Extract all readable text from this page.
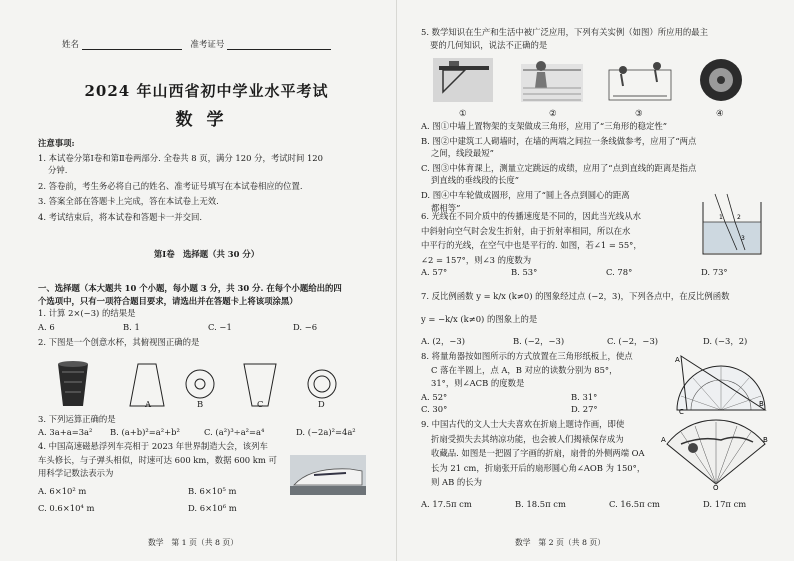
姓名	准考证号
2024 年山西省初中学业水平考试
数学
注意事项:
1. 本试卷分第Ⅰ卷和第Ⅱ卷两部分. 全卷共 8 页，满分 120 分，考试时间 120
分钟.
2. 答卷前，考生务必将自己的姓名、准考证号填写在本试卷相应的位置.
3. 答案全部在答题卡上完成，答在本试卷上无效.
4. 考试结束后，将本试卷和答题卡一并交回.
第Ⅰ卷　选择题（共 30 分）
一、选择题（本大题共 10 个小题，每小题 3 分，共 30 分. 在每个小题给出的四
个选项中，只有一项符合题目要求，请选出并在答题卡上将该项涂黑）
1. 计算 2×(−3) 的结果是
A. 6	B. 1	C. −1	D. −6
2. 下图是一个创意水杯，其俯视图正确的是
A	B	C	D
3. 下列运算正确的是
A. 3a+a=3a²	B. (a+b)²=a²+b²	C. (a²)³÷a²=a⁴	D. (−2a)²=4a²
4. 中国高速磁悬浮列车亮相于 2023 年世界制造大会，该列车
车头修长，与子弹头相似，时速可达 600 km，数据 600 km 可
用科学记数法表示为
A. 6×10² m	B. 6×10⁵ m
C. 0.6×10⁴ m	D. 6×10⁶ m
数学　第 1 页（共 8 页）
5. 数学知识在生产和生活中被广泛应用，下列有关实例（如图）所应用的最主
要的几何知识，说法不正确的是
①	②	③	④
A. 图①中墙上置物架的支架做成三角形，应用了“三角形的稳定性”
B. 图②中建筑工人砌墙时，在墙的两端之间拉一条线做参考，应用了“两点
之间，线段最短”
C. 图③中体育课上，测量立定跳远的成绩，应用了“点到直线的距离是指点
到直线的垂线段的长度”
D. 图④中车轮做成圆形，应用了“圆上各点到圆心的距离
都相等”
6. 光线在不同介质中的传播速度是不同的，因此当光线从水
中斜射向空气时会发生折射，由于折射率相同，所以在水
中平行的光线，在空气中也是平行的. 如图，若∠1 = 55°，
∠2 = 157°，则∠3 的度数为
1 2
3
A. 57°	B. 53°	C. 78°	D. 73°
7. 反比例函数 y = k/x (k≠0) 的图象经过点 (−2，3)，下列各点中，在反比例函数
y = −k/x (k≠0) 的图象上的是
A. (2，−3)	B. (−2，−3)	C. (−2，−3)	D. (−3，2)
8. 将量角器按如图所示的方式放置在三角形纸板上，使点
C 落在半圆上，点 A，B 对应的读数分别为 85°，
31°，则∠ACB 的度数是
A. 52°	B. 31°
C. 30°	D. 27°
A
B
C
9. 中国古代的文人士大夫喜欢在折扇上题诗作画，即使
折扇受损失去其纳凉功能，也会被人们揭裱保存成为
收藏品. 如图是一把圆了字画的折扇，扇骨的外侧两端 OA
长为 21 cm，折扇张开后的扇形圆心角∠AOB 为 150°，
则 AB 的长为
A. 17.5π cm	B. 18.5π cm	C. 16.5π cm	D. 17π cm
A	B
O
数学　第 2 页（共 8 页）
